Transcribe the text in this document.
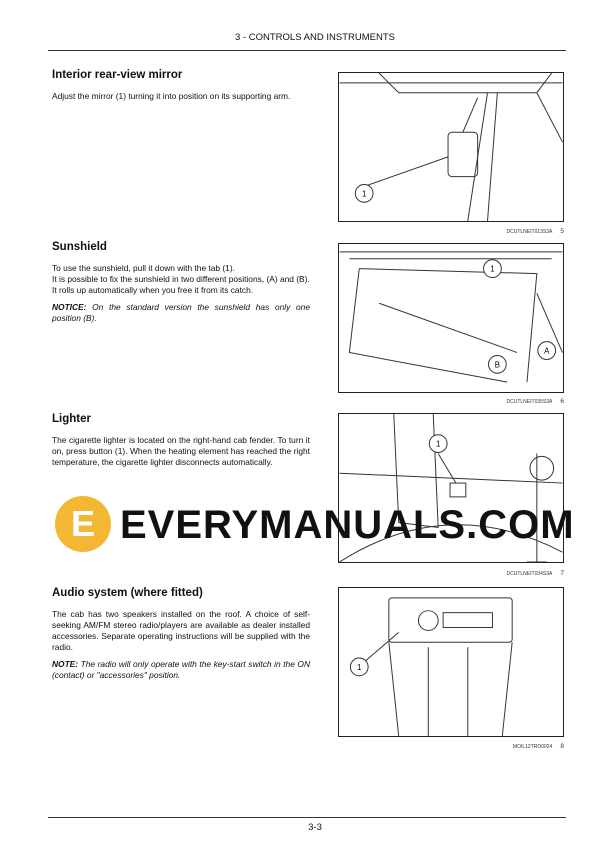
3 - CONTROLS AND INSTRUMENTS
Interior rear-view mirror

Adjust the mirror (1) turning it into position on its supporting arm.

1
DCUTLNEIT013S3A 5
Sunshield

To use the sunshield, pull it down with the tab (1).

It is possible to fix the sunshield in two different positions, (A) and (B).

It rolls up automatically when you free it from its catch.

NOTICE: On the standard version the sunshield has only one position (B).

1
A
B
DCUTLNEIT035S3A 6
Lighter

The cigarette lighter is located on the right-hand cab fender. To turn it on, press button (1). When the heating element has reached the right temperature, the cigarette lighter disconnects automatically.

1
DCUTLNEIT034S3A 7
Audio system (where fitted)

The cab has two speakers installed on the roof. A choice of self-seeking AM/FM stereo radio/players are available as dealer installed accessories. Separate operating instructions will be supplied with the radio.

NOTE: The radio will only operate with the key-start switch in the ON (contact) or "accessories" position.

1
MOIL12TRO0024 8
E EVERYMANUALS.COM
3-3
